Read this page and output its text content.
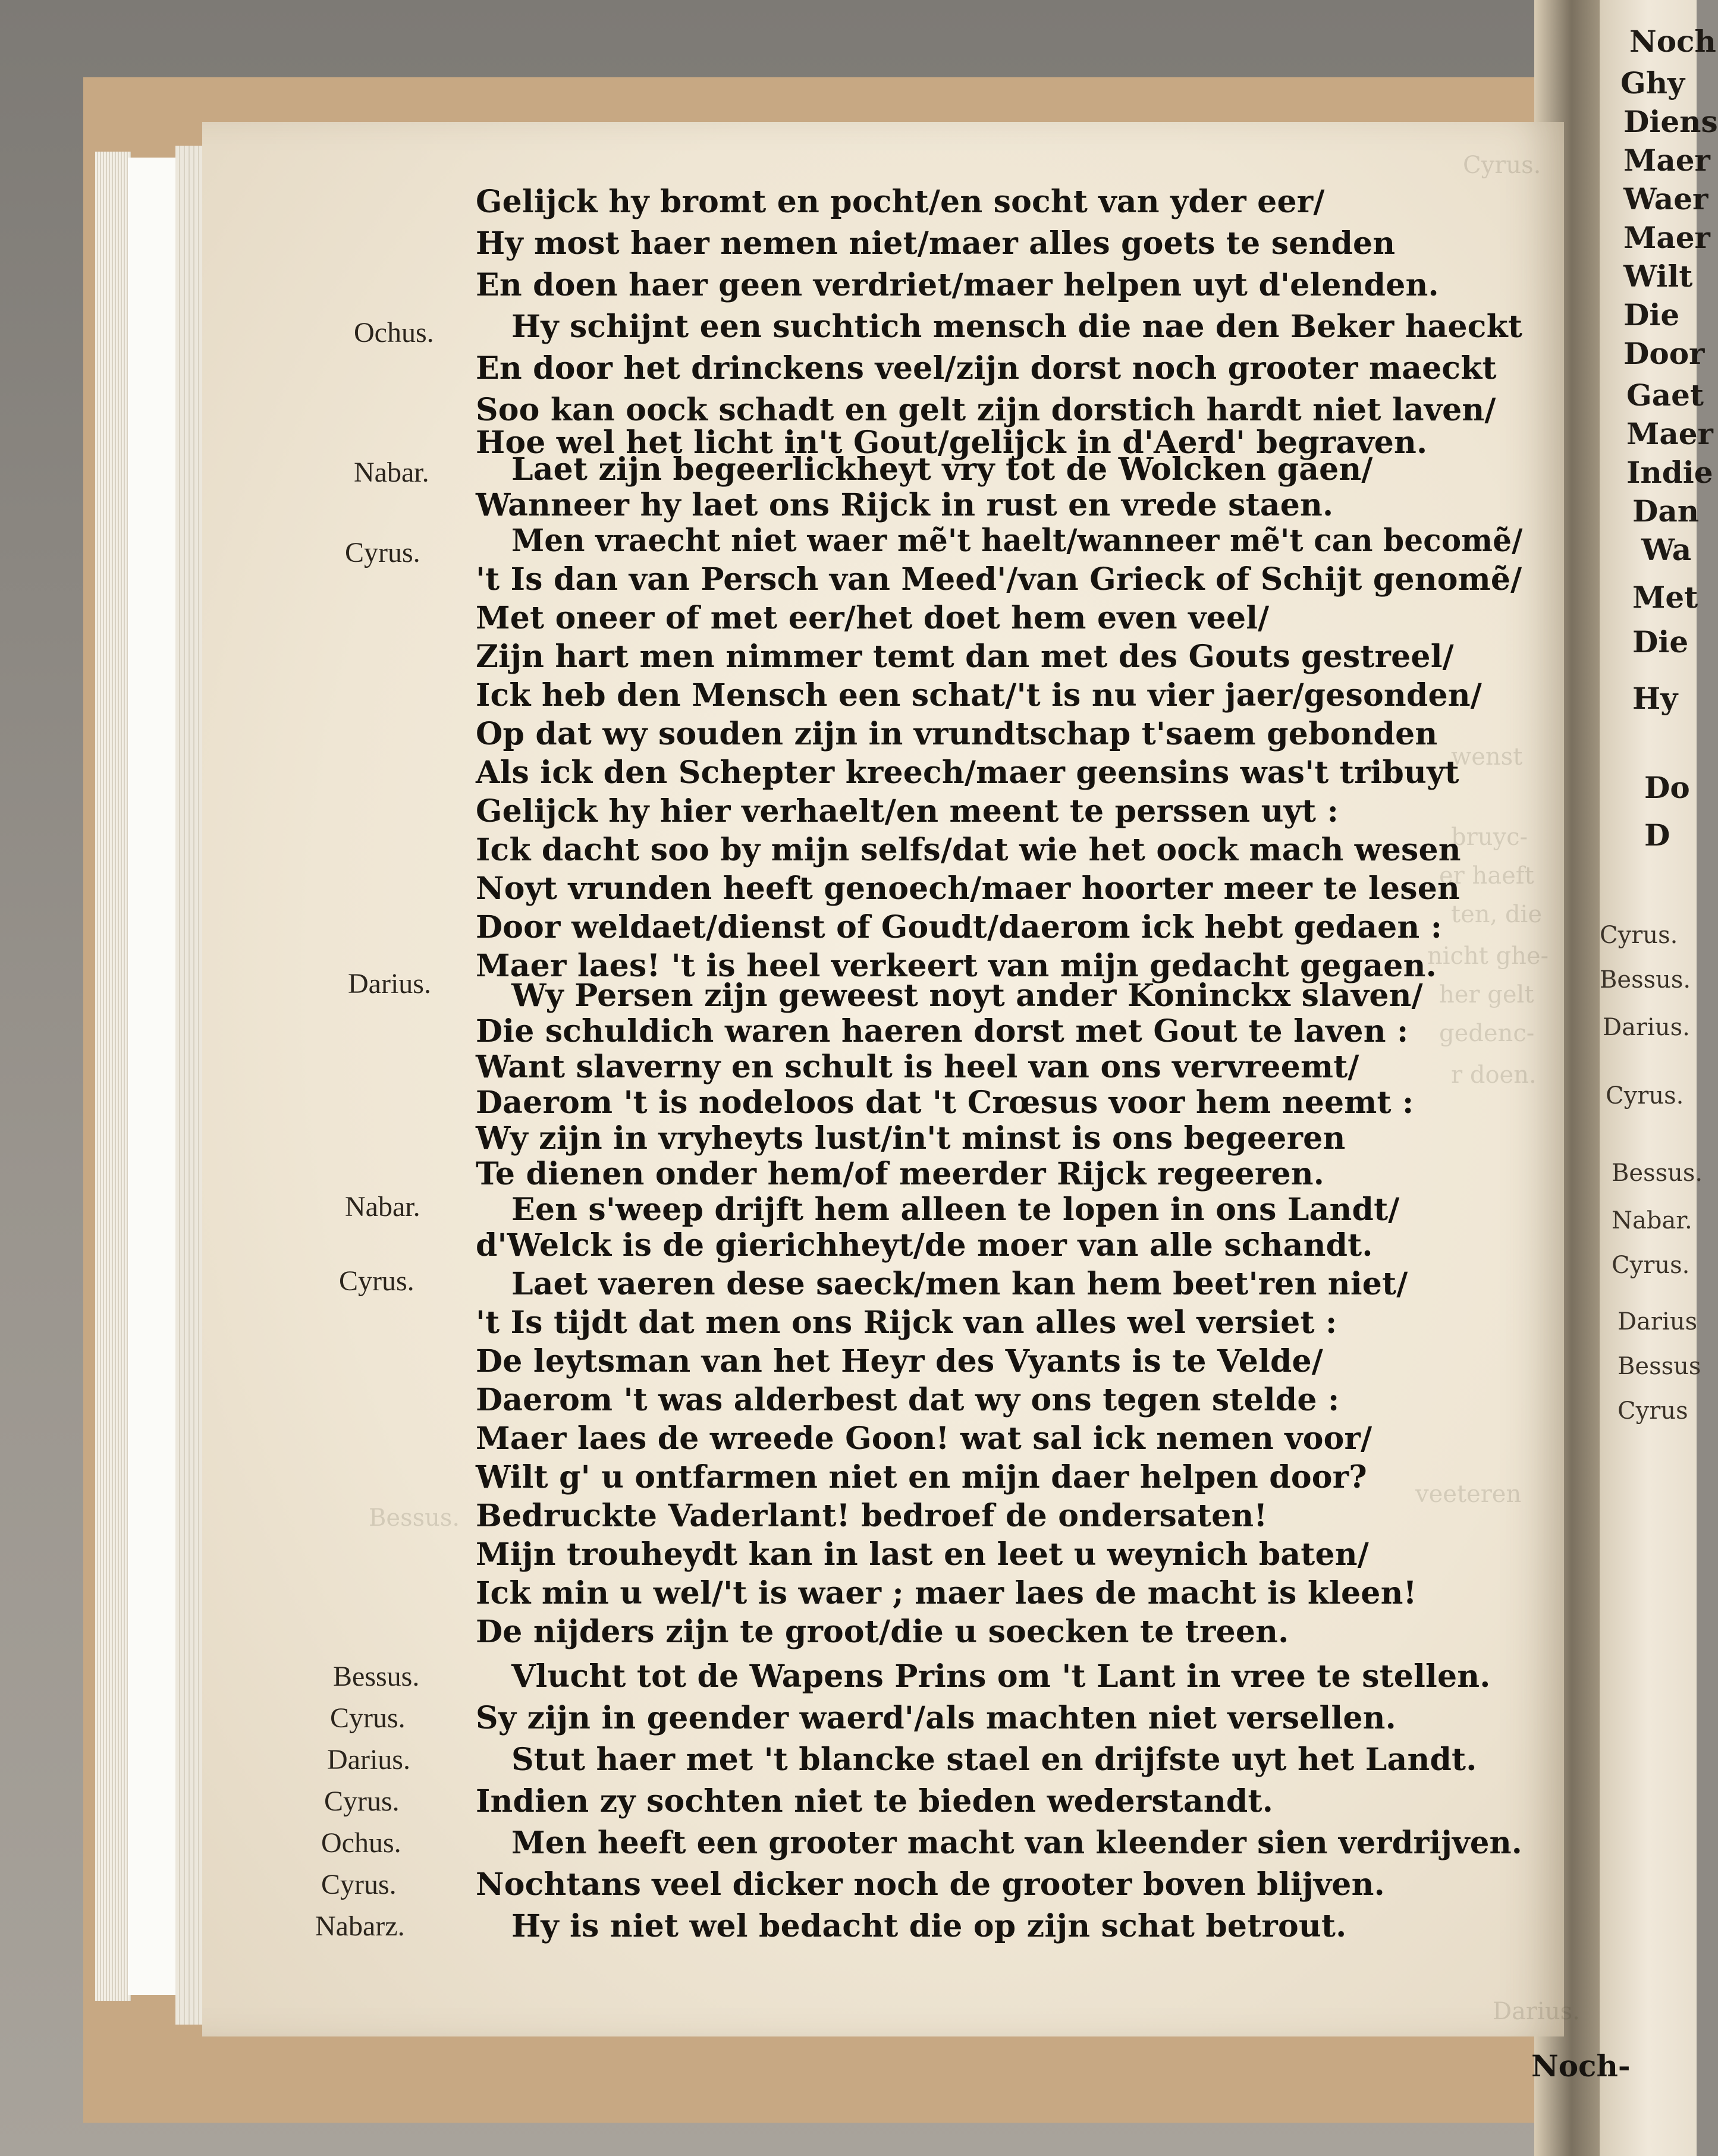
Noch
Ghy
Diens
Maer
Waer
Maer
Wilt
Die
Door
Gaet
Maer
Indie
Dan
Wa
Met
Die
Hy
Do
D
Cyrus.
Bessus.
Darius.
Cyrus.
Bessus.
Nabar.
Cyrus.
Darius
Bessus
Cyrus
Cyrus.
wenst
bruyc-
er haeft
ten, die
nicht ghe-
her gelt
gedenc-
r doen.
veeteren
Bessus.
Darius.
Ochus.
Nabar.
Cyrus.
Darius.
Nabar.
Cyrus.
Bessus.
Cyrus.
Darius.
Cyrus.
Ochus.
Cyrus.
Nabarz.
Gelijck hy bromt en pocht/en socht van yder eer/
Hy most haer nemen niet/maer alles goets te senden
En doen haer geen verdriet/maer helpen uyt d'elenden.
Hy schijnt een suchtich mensch die nae den Beker haeckt
En door het drinckens veel/zijn dorst noch grooter maeckt
Soo kan oock schadt en gelt zijn dorstich hardt niet laven/
Hoe wel het licht in't Gout/gelijck in d'Aerd' begraven.
Laet zijn begeerlickheyt vry tot de Wolcken gaen/
Wanneer hy laet ons Rijck in rust en vrede staen.
Men vraecht niet waer mẽ't haelt/wanneer mẽ't can becomẽ/
't Is dan van Persch van Meed'/van Grieck of Schijt genomẽ/
Met oneer of met eer/het doet hem even veel/
Zijn hart men nimmer temt dan met des Gouts gestreel/
Ick heb den Mensch een schat/'t is nu vier jaer/gesonden/
Op dat wy souden zijn in vrundtschap t'saem gebonden
Als ick den Schepter kreech/maer geensins was't tribuyt
Gelijck hy hier verhaelt/en meent te perssen uyt :
Ick dacht soo by mijn selfs/dat wie het oock mach wesen
Noyt vrunden heeft genoech/maer hoorter meer te lesen
Door weldaet/dienst of Goudt/daerom ick hebt gedaen :
Maer laes! 't is heel verkeert van mijn gedacht gegaen.
Wy Persen zijn geweest noyt ander Koninckx slaven/
Die schuldich waren haeren dorst met Gout te laven :
Want slaverny en schult is heel van ons vervreemt/
Daerom 't is nodeloos dat 't Crœsus voor hem neemt :
Wy zijn in vryheyts lust/in't minst is ons begeeren
Te dienen onder hem/of meerder Rijck regeeren.
Een s'weep drijft hem alleen te lopen in ons Landt/
d'Welck is de gierichheyt/de moer van alle schandt.
Laet vaeren dese saeck/men kan hem beet'ren niet/
't Is tijdt dat men ons Rijck van alles wel versiet :
De leytsman van het Heyr des Vyants is te Velde/
Daerom 't was alderbest dat wy ons tegen stelde :
Maer laes de wreede Goon! wat sal ick nemen voor/
Wilt g' u ontfarmen niet en mijn daer helpen door?
Bedruckte Vaderlant! bedroef de ondersaten!
Mijn trouheydt kan in last en leet u weynich baten/
Ick min u wel/'t is waer ; maer laes de macht is kleen!
De nijders zijn te groot/die u soecken te treen.
Vlucht tot de Wapens Prins om 't Lant in vree te stellen.
Sy zijn in geender waerd'/als machten niet versellen.
Stut haer met 't blancke stael en drijfste uyt het Landt.
Indien zy sochten niet te bieden wederstandt.
Men heeft een grooter macht van kleender sien verdrijven.
Nochtans veel dicker noch de grooter boven blijven.
Hy is niet wel bedacht die op zijn schat betrout.
Noch-
